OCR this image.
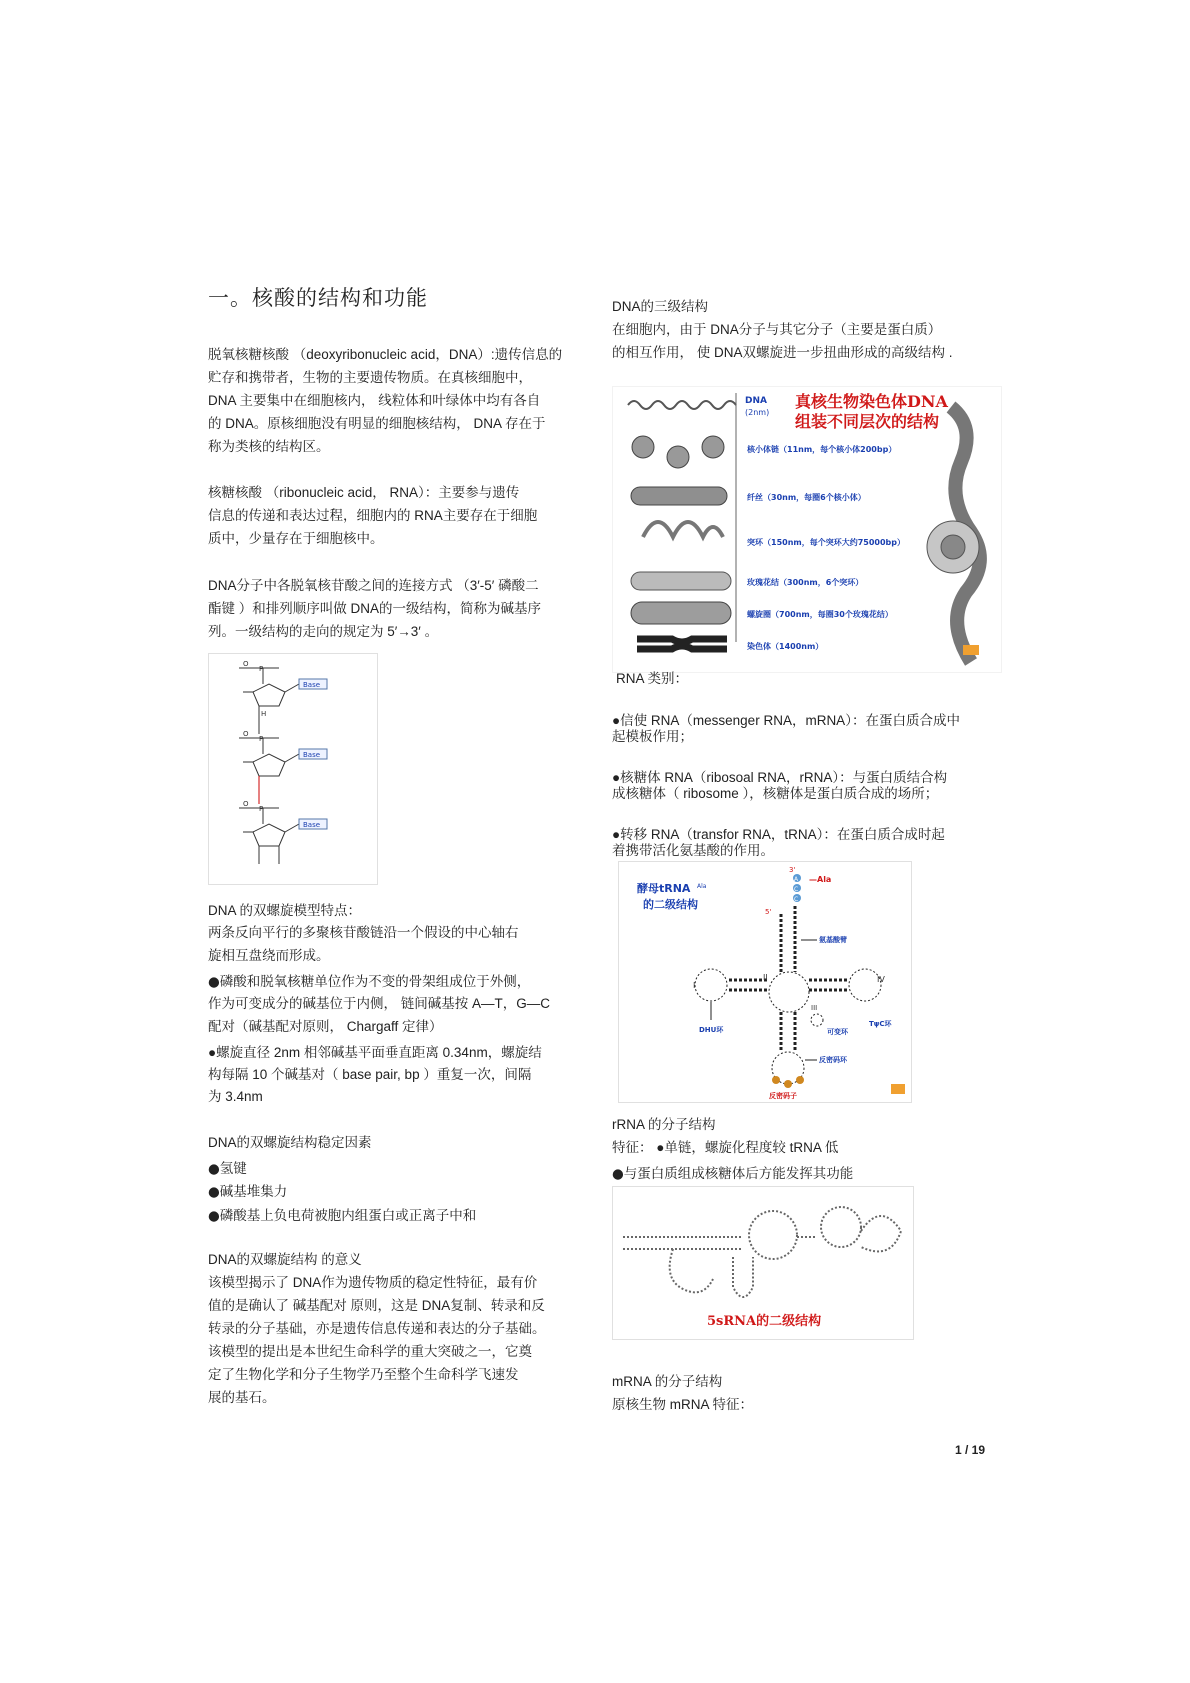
一。核酸的结构和功能
脱氧核糖核酸 （deoxyribonucleic acid，DNA）:遗传信息的
贮存和携带者，生物的主要遗传物质。在真核细胞中，
DNA 主要集中在细胞核内， 线粒体和叶绿体中均有各自
的 DNA。原核细胞没有明显的细胞核结构， DNA 存在于
称为类核的结构区。
核糖核酸 （ribonucleic acid， RNA）：主要参与遗传
信息的传递和表达过程，细胞内的 RNA主要存在于细胞
质中，少量存在于细胞核中。
DNA分子中各脱氧核苷酸之间的连接方式 （3′-5′ 磷酸二
酯键 ）和排列顺序叫做 DNA的一级结构，简称为碱基序
列。一级结构的走向的规定为 5′→3′ 。
O
P
Base
H
O
P
Base
O
P
Base
DNA 的双螺旋模型特点：
两条反向平行的多聚核苷酸链沿一个假设的中心轴右
旋相互盘绕而形成。
●磷酸和脱氧核糖单位作为不变的骨架组成位于外侧，
作为可变成分的碱基位于内侧， 链间碱基按 A—T，G—C
配对（碱基配对原则， Chargaff 定律）
●螺旋直径 2nm 相邻碱基平面垂直距离 0.34nm，螺旋结
构每隔 10 个碱基对（ base pair, bp ）重复一次，间隔
为 3.4nm
DNA的双螺旋结构稳定因素
●氢键
●碱基堆集力
●磷酸基上负电荷被胞内组蛋白或正离子中和
DNA的双螺旋结构 的意义
该模型揭示了 DNA作为遗传物质的稳定性特征，最有价
值的是确认了 碱基配对 原则，这是 DNA复制、转录和反
转录的分子基础，亦是遗传信息传递和表达的分子基础。
该模型的提出是本世纪生命科学的重大突破之一，它奠
定了生物化学和分子生物学乃至整个生命科学飞速发
展的基石。
DNA的三级结构
在细胞内，由于 DNA分子与其它分子（主要是蛋白质）
的相互作用， 使 DNA双螺旋进一步扭曲形成的高级结构 .
DNA
(2nm)
真核生物染色体DNA
组装不同层次的结构
核小体链（11nm，每个核小体200bp）
纤丝（30nm，每圈6个核小体）
突环（150nm，每个突环大约75000bp）
玫瑰花结（300nm，6个突环）
螺旋圈（700nm，每圈30个玫瑰花结）
染色体（1400nm）
RNA 类别：
●信使 RNA（messenger RNA，mRNA）：在蛋白质合成中
起模板作用；
●核糖体 RNA（ribosoal RNA，rRNA）：与蛋白质结合构
成核糖体（ ribosome ），核糖体是蛋白质合成的场所；
●转移 RNA（transfor RNA，tRNA）：在蛋白质合成时起
着携带活化氨基酸的作用。
酵母tRNA Ala
的二级结构
3'
5'
A
C
C
—Ala
氨基酸臂
I
DHU环
II	IV
TψC环
可变环
III
反密码环
反密码子
rRNA 的分子结构
特征： ●单链，螺旋化程度较 tRNA 低
●与蛋白质组成核糖体后方能发挥其功能
5sRNA的二级结构
mRNA 的分子结构
原核生物 mRNA 特征：
1 / 19
